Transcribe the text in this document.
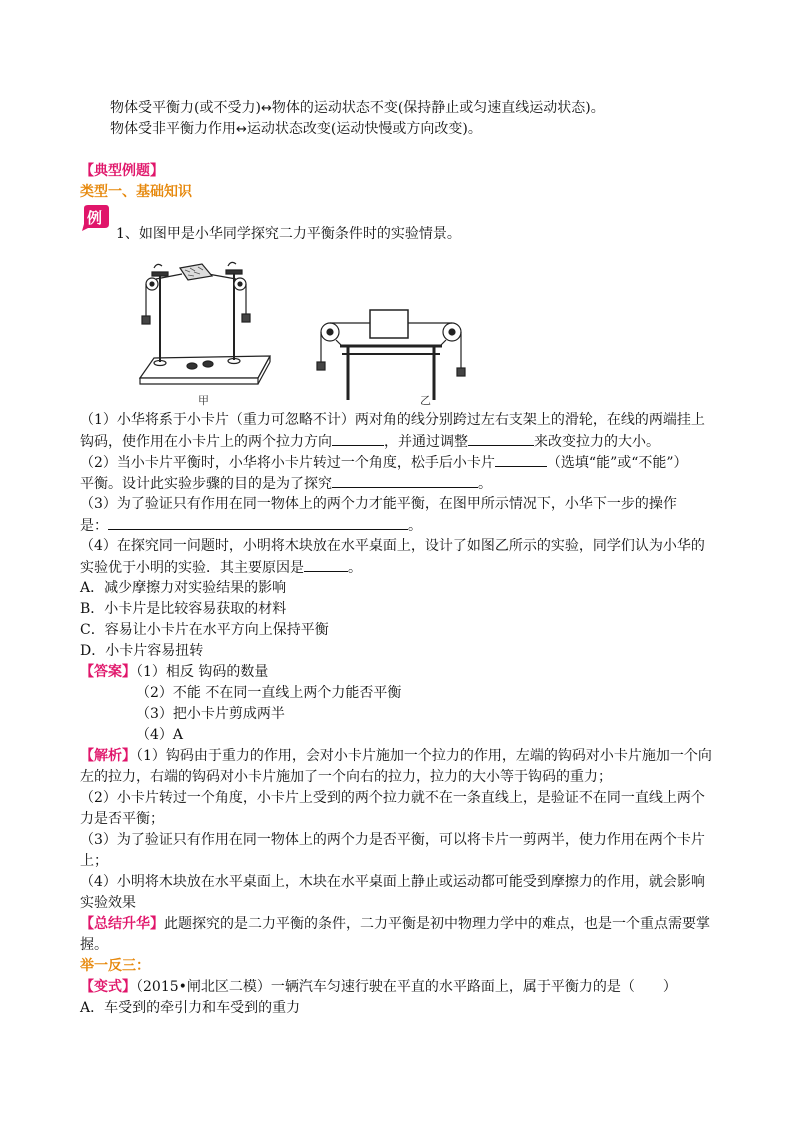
物体受平衡力(或不受力)↔物体的运动状态不变(保持静止或匀速直线运动状态)。
物体受非平衡力作用↔运动状态改变(运动快慢或方向改变)。
【典型例题】
类型一、基础知识
例
1、如图甲是小华同学探究二力平衡条件时的实验情景。
甲	乙
（1）小华将系于小卡片（重力可忽略不计）两对角的线分别跨过左右支架上的滑轮，在线的两端挂上
钩码，使作用在小卡片上的两个拉力方向	，并通过调整	来改变拉力的大小。
（2）当小卡片平衡时，小华将小卡片转过一个角度，松手后小卡片	（选填“能”或“不能”）
平衡。设计此实验步骤的目的是为了探究	。
（3）为了验证只有作用在同一物体上的两个力才能平衡，在图甲所示情况下，小华下一步的操作
是：	。
（4）在探究同一问题时，小明将木块放在水平桌面上，设计了如图乙所示的实验，同学们认为小华的
实验优于小明的实验．其主要原因是	。
A．减少摩擦力对实验结果的影响
B．小卡片是比较容易获取的材料
C．容易让小卡片在水平方向上保持平衡
D．小卡片容易扭转
【答案】（1）相反 钩码的数量
（2）不能 不在同一直线上两个力能否平衡
（3）把小卡片剪成两半
（4）A
【解析】（1）钩码由于重力的作用，会对小卡片施加一个拉力的作用，左端的钩码对小卡片施加一个向
左的拉力，右端的钩码对小卡片施加了一个向右的拉力，拉力的大小等于钩码的重力；
（2）小卡片转过一个角度，小卡片上受到的两个拉力就不在一条直线上，是验证不在同一直线上两个
力是否平衡；
（3）为了验证只有作用在同一物体上的两个力是否平衡，可以将卡片一剪两半，使力作用在两个卡片
上；
（4）小明将木块放在水平桌面上，木块在水平桌面上静止或运动都可能受到摩擦力的作用，就会影响
实验效果
【总结升华】此题探究的是二力平衡的条件，二力平衡是初中物理力学中的难点，也是一个重点需要掌
握。
举一反三：
【变式】（2015•闸北区二模）一辆汽车匀速行驶在平直的水平路面上，属于平衡力的是（　　）
A．车受到的牵引力和车受到的重力
